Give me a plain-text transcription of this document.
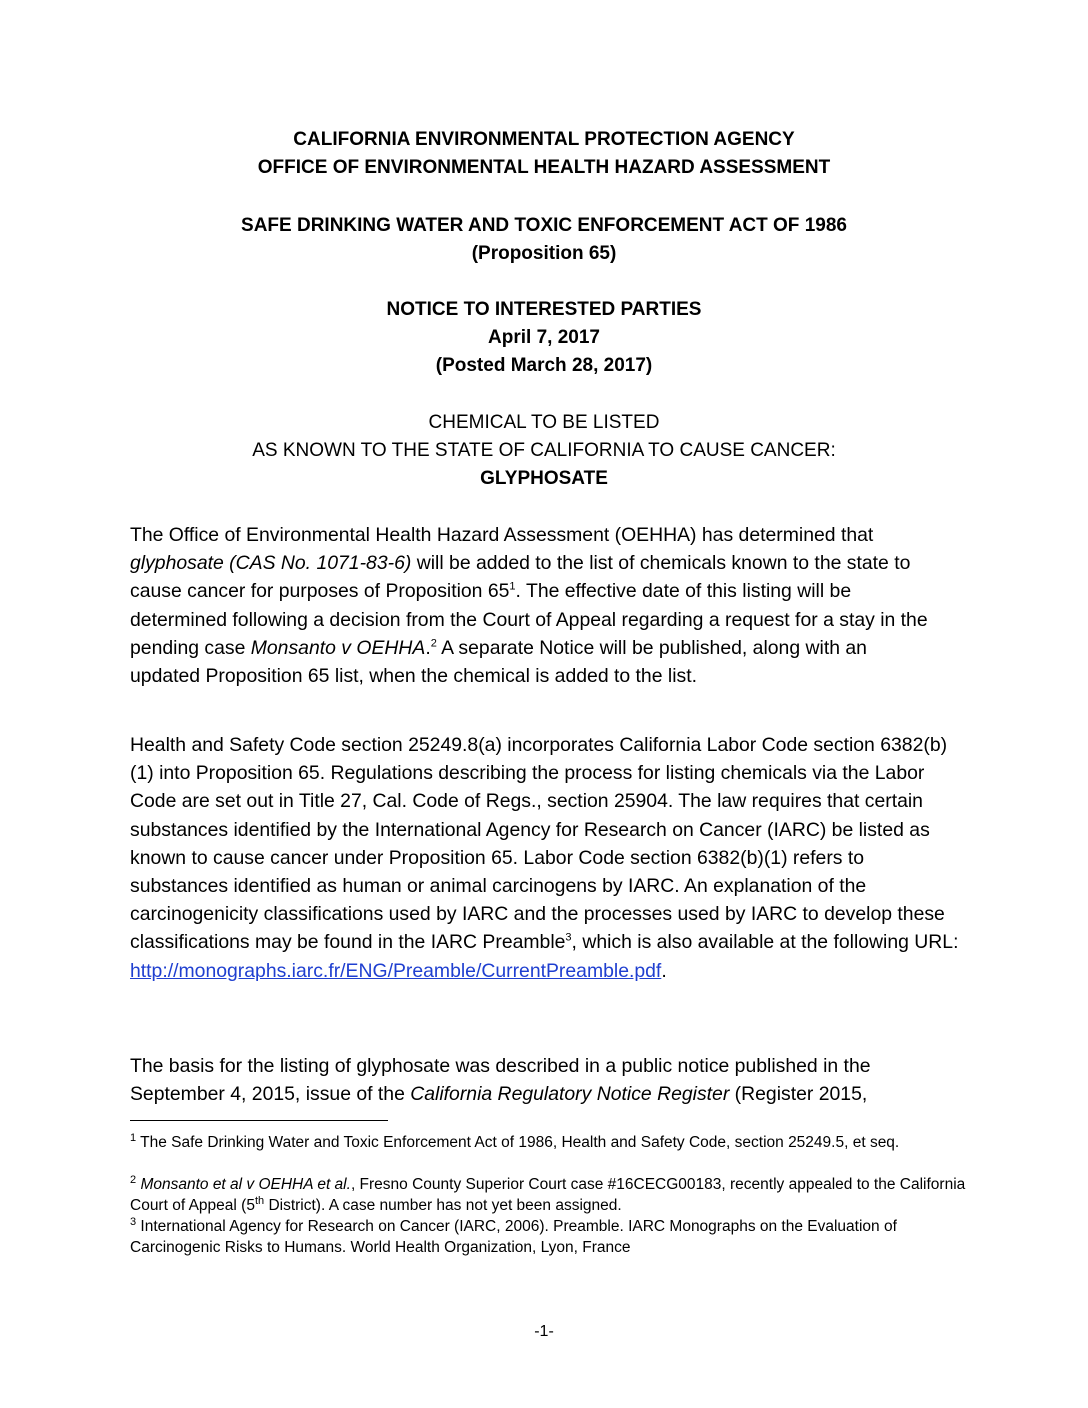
CALIFORNIA ENVIRONMENTAL PROTECTION AGENCY
OFFICE OF ENVIRONMENTAL HEALTH HAZARD ASSESSMENT
SAFE DRINKING WATER AND TOXIC ENFORCEMENT ACT OF 1986
(Proposition 65)
NOTICE TO INTERESTED PARTIES
April 7, 2017
(Posted March 28, 2017)
CHEMICAL TO BE LISTED
AS KNOWN TO THE STATE OF CALIFORNIA TO CAUSE CANCER:
GLYPHOSATE
The Office of Environmental Health Hazard Assessment (OEHHA) has determined that glyphosate (CAS No. 1071-83-6) will be added to the list of chemicals known to the state to cause cancer for purposes of Proposition $65^1$. The effective date of this listing will be determined following a decision from the Court of Appeal regarding a request for a stay in the pending case Monsanto v OEHHA.$^2$ A separate Notice will be published, along with an updated Proposition 65 list, when the chemical is added to the list.
Health and Safety Code section 25249.8(a) incorporates California Labor Code section 6382(b)(1) into Proposition 65. Regulations describing the process for listing chemicals via the Labor Code are set out in Title 27, Cal. Code of Regs., section 25904. The law requires that certain substances identified by the International Agency for Research on Cancer (IARC) be listed as known to cause cancer under Proposition 65. Labor Code section 6382(b)(1) refers to substances identified as human or animal carcinogens by IARC. An explanation of the carcinogenicity classifications used by IARC and the processes used by IARC to develop these classifications may be found in the IARC Preamble$^3$, which is also available at the following URL:
http://monographs.iarc.fr/ENG/Preamble/CurrentPreamble.pdf.
The basis for the listing of glyphosate was described in a public notice published in the September 4, 2015, issue of the California Regulatory Notice Register (Register 2015,
$^1$ The Safe Drinking Water and Toxic Enforcement Act of 1986, Health and Safety Code, section 25249.5, et seq.
$^2$ Monsanto et al v OEHHA et al., Fresno County Superior Court case #16CECG00183, recently appealed to the California Court of Appeal (5th District). A case number has not yet been assigned.
$^3$ International Agency for Research on Cancer (IARC, 2006). Preamble. IARC Monographs on the Evaluation of Carcinogenic Risks to Humans. World Health Organization, Lyon, France
-1-
